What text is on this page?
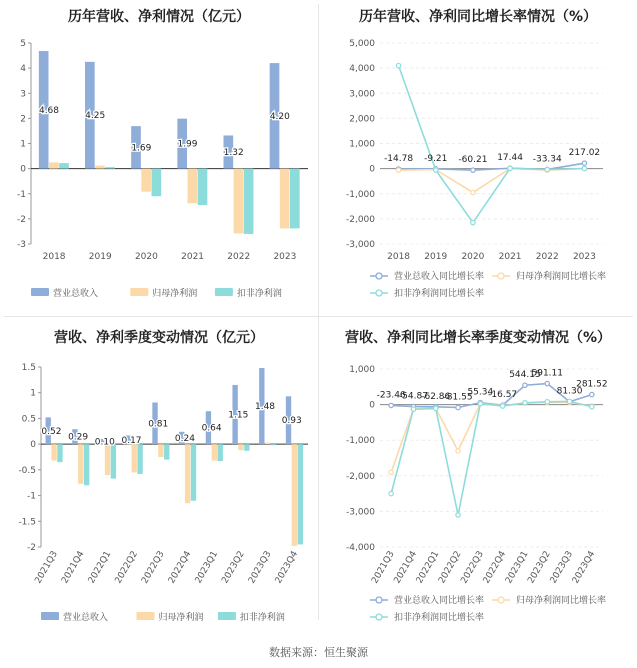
历年营收、净利情况（亿元）
-3
-2
-1
0
1
2
3
4
5
2018	2019	2020	2021	2022	2023
4.68
4.25
1.69	1.99
1.32
4.20
营业总收入	归母净利润	扣非净利润
历年营收、净利同比增长率情况（%）
-3,000
-2,000
-1,000
0
1,000
2,000
3,000
4,000
5,000
2018 2019 2020 2021 2022 2023
-14.78 -9.21 -60.21 17.44 -33.34
217.02
营业总收入同比增长率	归母净利润同比增长率
扣非净利润同比增长率
营收、净利季度变动情况（亿元）
-2
-1.5
-1
-0.5
0
0.5
1
1.5
2021Q3 2021Q4 2022Q1 2022Q2 2022Q3 2022Q4 2023Q1 2023Q2 2023Q3 2023Q4
0.52
0.29 0.10 0.17
0.81
0.24
0.64
1.15
1.48
0.93
营业总收入	归母净利润	扣非净利润
营收、净利同比增长率季度变动情况（%）
-4,000
-3,000
-2,000
-1,000
0
1,000
2021Q3
2021Q4
2022Q1
2022Q2
2022Q3
2022Q4
2023Q1
2023Q2
2023Q3
2023Q4
-23.46
-54.87
-62.86
-81.55
55.34
-16.57
544.15
591.11
81.30
281.52
营业总收入同比增长率	归母净利润同比增长率
扣非净利润同比增长率
数据来源：恒生聚源
